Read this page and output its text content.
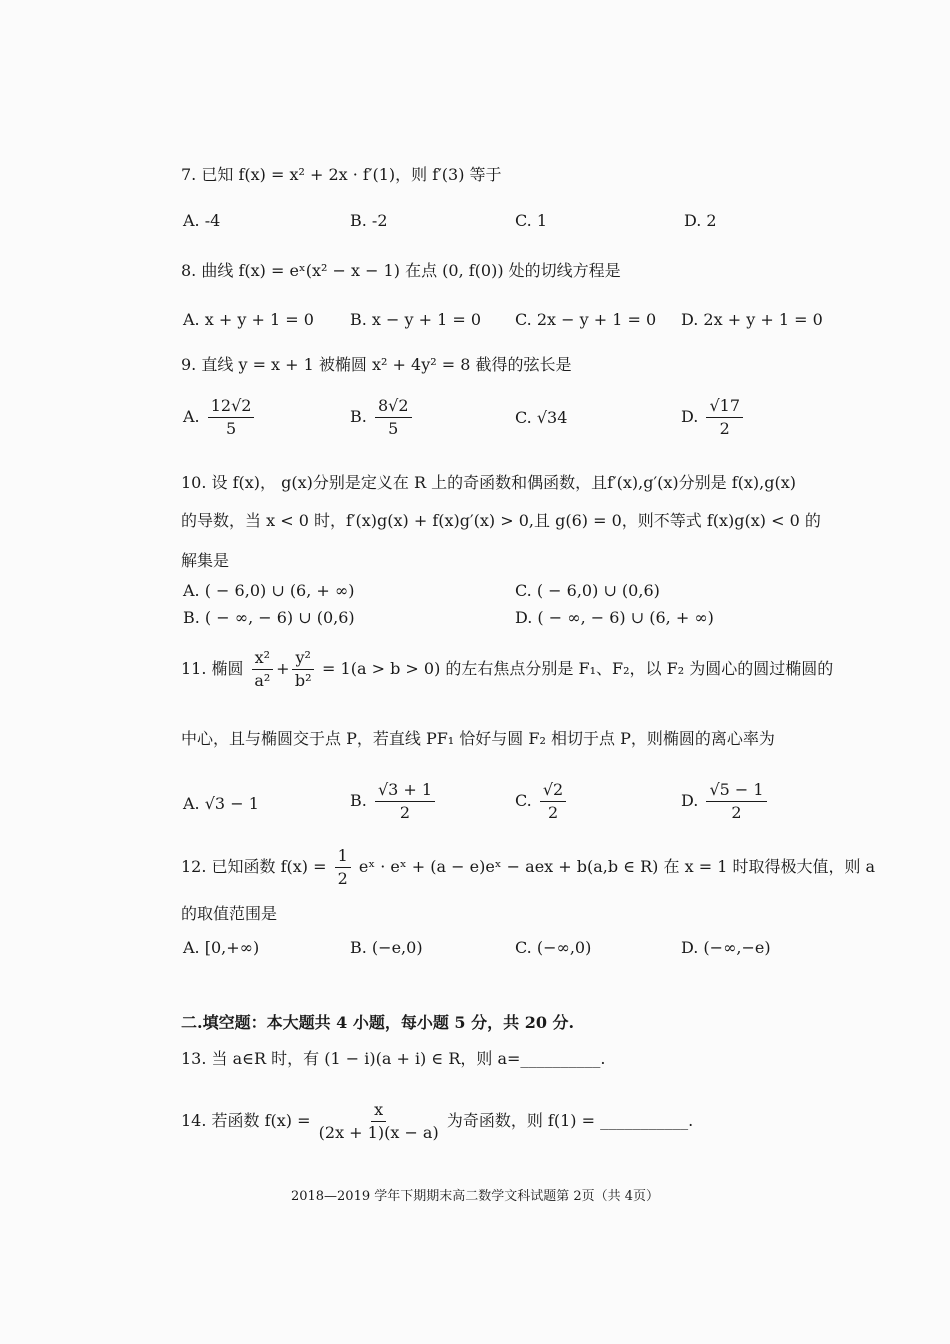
7. 已知 f(x) = x² + 2x · f′(1)，则 f′(3) 等于
A. -4	B. -2	C. 1	D. 2
8. 曲线 f(x) = eˣ(x² − x − 1) 在点 (0, f(0)) 处的切线方程是
A. x + y + 1 = 0 B. x − y + 1 = 0 C. 2x − y + 1 = 0 D. 2x + y + 1 = 0
9. 直线 y = x + 1 被椭圆 x² + 4y² = 8 截得的弦长是
A. $\frac{12√2}{5}$	B. $\frac{8√2}{5}$	C. √34	D. $\frac{√17}{2}$
10. 设 f(x)， g(x)分别是定义在 R 上的奇函数和偶函数，且f′(x),g′(x)分别是 f(x),g(x)
的导数，当 x < 0 时，f′(x)g(x) + f(x)g′(x) > 0,且 g(6) = 0，则不等式 f(x)g(x) < 0 的
解集是
A. ( − 6,0) ∪ (6, + ∞)	C. ( − 6,0) ∪ (0,6)
B. ( − ∞, − 6) ∪ (0,6)	D. ( − ∞, − 6) ∪ (6, + ∞)
11. 椭圆 $\frac{\text{x²}}{\text{a²}} + \frac{\text{y²}}{\text{b²}} = 1(a > b > 0)$ 的左右焦点分别是 F₁、F₂，以 F₂ 为圆心的圆过椭圆的
中心，且与椭圆交于点 P，若直线 PF₁ 恰好与圆 F₂ 相切于点 P，则椭圆的离心率为
A. √3 − 1	B. $\frac{√3 + 1}{2}$	C. $\frac{√2}{2}$	D. $\frac{√5 - 1}{2}$
12. 已知函数 $f(x) = \frac{1}{2}$ eˣ · eˣ + (a − e)eˣ − aex + b(a,b ∈ R) 在 x = 1 时取得极大值，则 a
的取值范围是
A. [0,+∞)	B. (−e,0)	C. (−∞,0)	D. (−∞,−e)
二.填空题：本大题共 4 小题，每小题 5 分，共 20 分.
13. 当 a∈R 时，有 (1 − i)(a + i) ∈ R，则 a=__________.
14. 若函数 $f(x) = \frac{x}{(2x + 1)(x - a)}$ 为奇函数，则 f(1) = ___________.
2018—2019 学年下期期末高二数学文科试题第 2页（共 4页）
